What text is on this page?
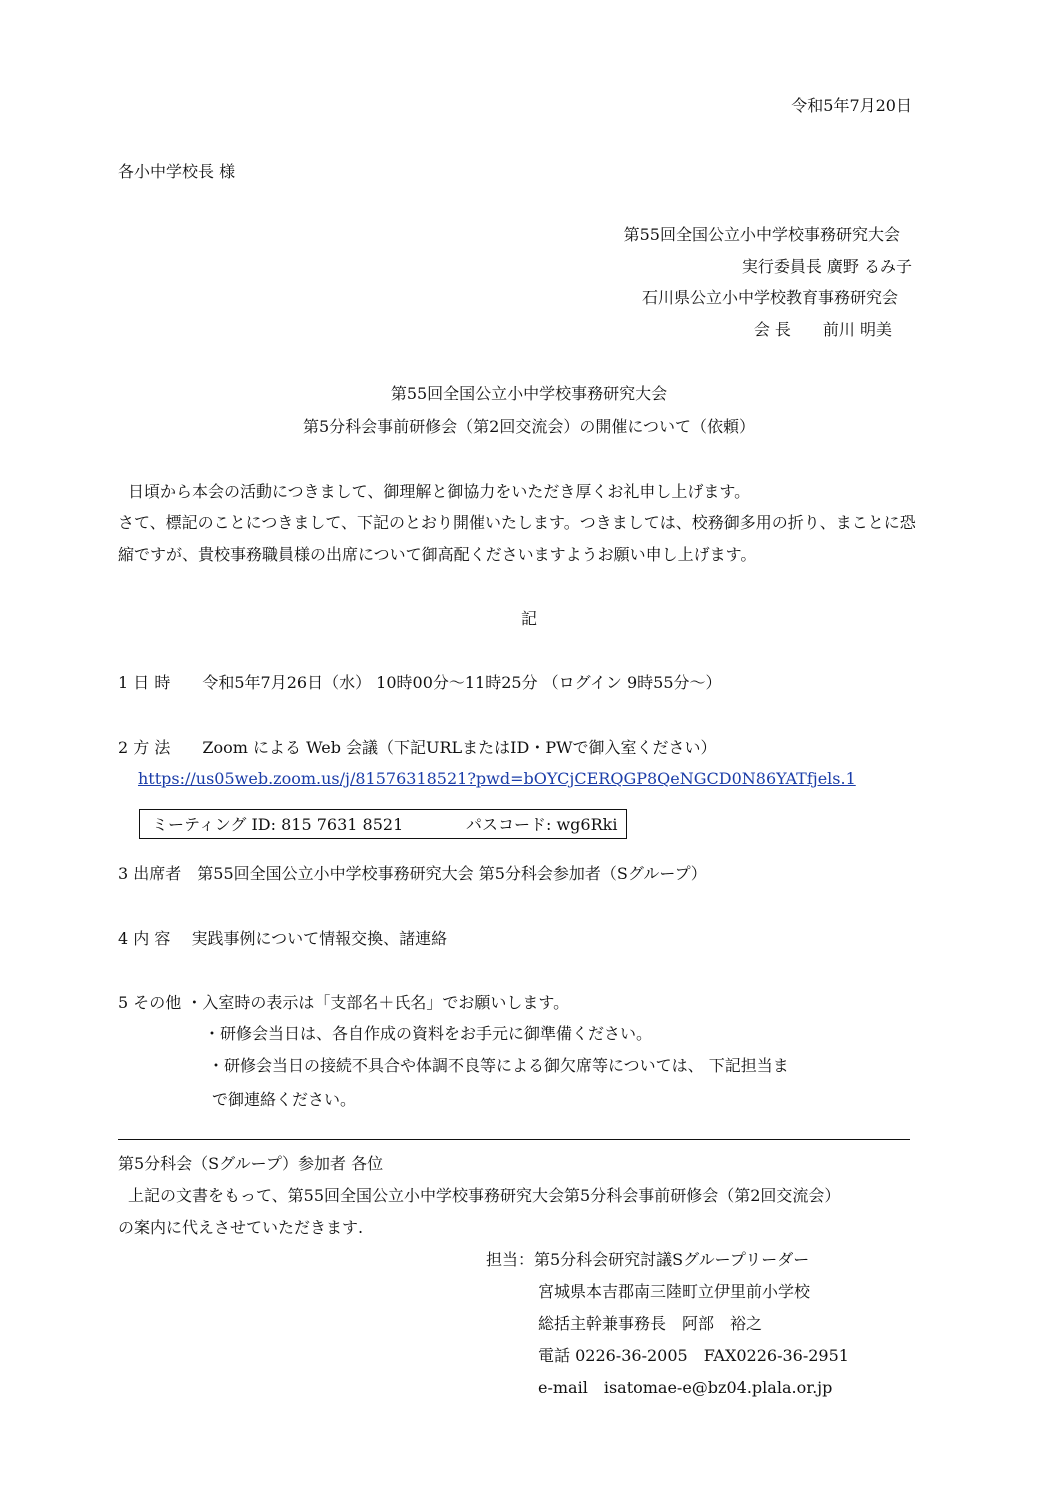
令和5年7月20日
各小中学校長 様
第55回全国公立小中学校事務研究大会
実行委員長 廣野 るみ子
石川県公立小中学校教育事務研究会
会 長　　前川 明美
第55回全国公立小中学校事務研究大会
第5分科会事前研修会（第2回交流会）の開催について（依頼）
日頃から本会の活動につきまして、御理解と御協力をいただき厚くお礼申し上げます。
さて、標記のことにつきまして、下記のとおり開催いたします。つきましては、校務御多用の折り、まことに恐
縮ですが、貴校事務職員様の出席について御高配くださいますようお願い申し上げます。
記
1 日 時　　令和5年7月26日（水） 10時00分～11時25分 （ログイン 9時55分～）
2 方 法　　Zoom による Web 会議（下記URLまたはID・PWで御入室ください）
https://us05web.zoom.us/j/81576318521?pwd=bOYCjCERQGP8QeNGCD0N86YATfjels.1
ミーティング ID: 815 7631 8521	パスコード: wg6Rki
3 出席者　第55回全国公立小中学校事務研究大会 第5分科会参加者（Sグループ）
4 内 容　 実践事例について情報交換、諸連絡
5 その他 ・入室時の表示は「支部名＋氏名」でお願いします。
・研修会当日は、各自作成の資料をお手元に御準備ください。
・研修会当日の接続不具合や体調不良等による御欠席等については、 下記担当ま
で御連絡ください。
第5分科会（Sグループ）参加者 各位
上記の文書をもって、第55回全国公立小中学校事務研究大会第5分科会事前研修会（第2回交流会）
の案内に代えさせていただきます.
担当：第5分科会研究討議Sグループリーダー
宮城県本吉郡南三陸町立伊里前小学校
総括主幹兼事務長　阿部　裕之
電話 0226-36-2005　FAX0226-36-2951
e-mail　isatomae-e@bz04.plala.or.jp
